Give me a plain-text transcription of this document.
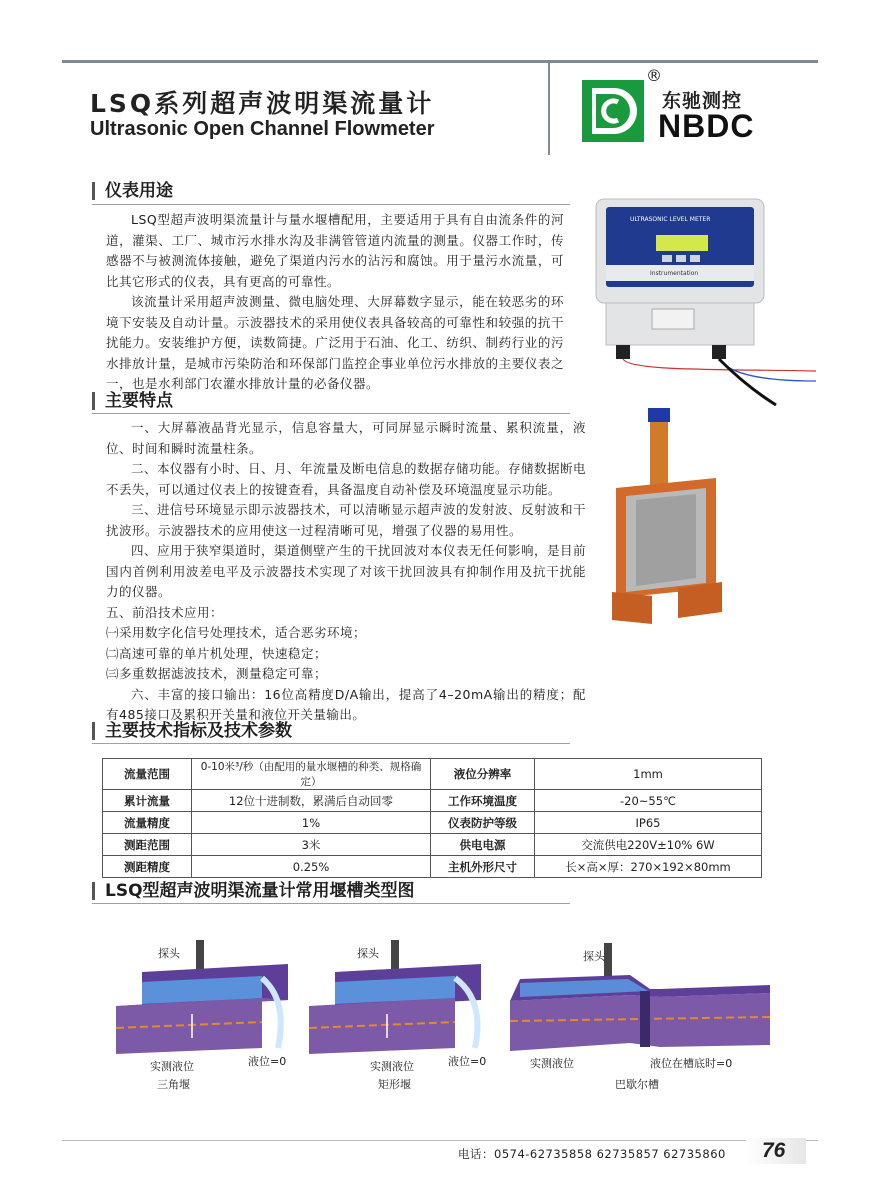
LSQ系列超声波明渠流量计
Ultrasonic Open Channel Flowmeter
®
东驰测控
NBDC
仪表用途

LSQ型超声波明渠流量计与量水堰槽配用，主要适用于具有自由流条件的河道，灌渠、工厂、城市污水排水沟及非满管管道内流量的测量。仪器工作时，传感器不与被测流体接触，避免了渠道内污水的沾污和腐蚀。用于量污水流量，可比其它形式的仪表，具有更高的可靠性。

该流量计采用超声波测量、微电脑处理、大屏幕数字显示，能在较恶劣的环境下安装及自动计量。示波器技术的采用使仪表具备较高的可靠性和较强的抗干扰能力。安装维护方便，读数简捷。广泛用于石油、化工、纺织、制药行业的污水排放计量，是城市污染防治和环保部门监控企事业单位污水排放的主要仪表之一，也是水利部门农灌水排放计量的必备仪器。

ULTRASONIC LEVEL METER
Instrumentation
主要特点

一、大屏幕液晶背光显示，信息容量大，可同屏显示瞬时流量、累积流量，液位、时间和瞬时流量柱条。

二、本仪器有小时、日、月、年流量及断电信息的数据存储功能。存储数据断电不丢失，可以通过仪表上的按键查看，具备温度自动补偿及环境温度显示功能。

三、进信号环境显示即示波器技术，可以清晰显示超声波的发射波、反射波和干扰波形。示波器技术的应用使这一过程清晰可见，增强了仪器的易用性。

四、应用于狭窄渠道时，渠道侧壁产生的干扰回波对本仪表无任何影响，是目前国内首例利用波差电平及示波器技术实现了对该干扰回波具有抑制作用及抗干扰能力的仪器。

五、前沿技术应用：

㈠采用数字化信号处理技术，适合恶劣环境；

㈡高速可靠的单片机处理，快速稳定；

㈢多重数据滤波技术，测量稳定可靠；

六、丰富的接口输出：16位高精度D/A输出，提高了4–20mA输出的精度；配有485接口及累积开关量和液位开关量输出。

主要技术指标及技术参数
流量范围	0-10米³/秒（由配用的量水堰槽的种类、规格确定）	液位分辨率	1mm
累计流量	12位十进制数，累满后自动回零	工作环境温度	-20~55℃
流量精度	1%	仪表防护等级	IP65
测距范围	3米	供电电源	交流供电220V±10% 6W
测距精度	0.25%	主机外形尺寸	长×高×厚：270×192×80mm
LSQ型超声波明渠流量计常用堰槽类型图
探头
实测液位	液位=0
三角堰
探头
实测液位	液位=0
矩形堰
探头
实测液位	液位在槽底时=0
巴歇尔槽
电话：0574-62735858 62735857 62735860 76
